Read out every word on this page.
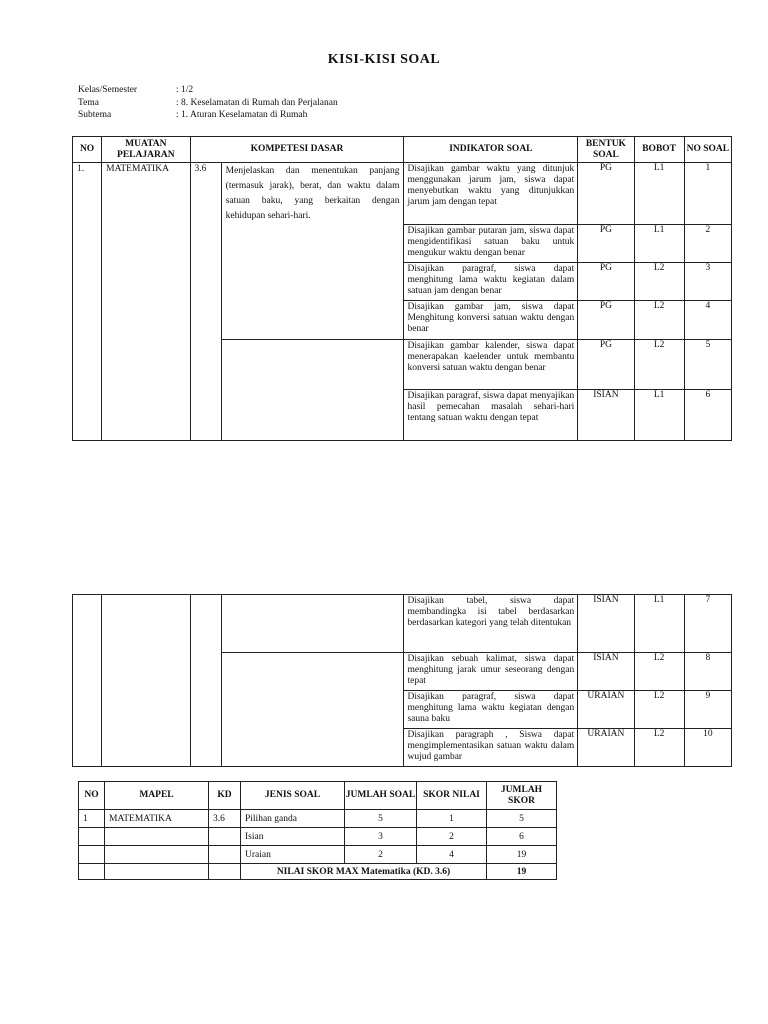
KISI-KISI SOAL
Kelas/Semester	: 1/2
Tema	: 8. Keselamatan di Rumah dan Perjalanan
Subtema	: 1. Aturan Keselamatan di Rumah
NO	MUATAN PELAJARAN	KOMPETESI DASAR		INDIKATOR SOAL	BENTUK SOAL	BOBOT	NO SOAL
1.	MATEMATIKA	3.6	Menjelaskan dan menentukan panjang (termasuk jarak), berat, dan waktu dalam satuan baku, yang berkaitan dengan kehidupan sehari-hari.	Disajikan gambar waktu yang ditunjuk menggunakan jarum jam, siswa dapat menyebutkan waktu yang ditunjukkan jarum jam dengan tepat	PG	L1	1
				Disajikan gambar putaran jam, siswa dapat mengidentifikasi satuan baku untuk mengukur waktu dengan benar	PG	L1	2
				Disajikan paragraf, siswa dapat menghitung lama waktu kegiatan dalam satuan jam dengan benar	PG	L2	3
				Disajikan gambar jam, siswa dapat Menghitung konversi satuan waktu dengan benar	PG	L2	4
				Disajikan gambar kalender, siswa dapat menerapakan kaelender untuk membantu konversi satuan waktu dengan benar	PG	L2	5
				Disajikan paragraf, siswa dapat menyajikan hasil pemecahan masalah sehari-hari tentang satuan waktu dengan tepat	ISIAN	L1	6
				Disajikan tabel, siswa dapat membandingka isi tabel berdasarkan berdasarkan kategori yang telah ditentukan	ISIAN	L1	7
				Disajikan sebuah kalimat, siswa dapat menghitung jarak umur seseorang dengan tepat	ISIAN	L2	8
				Disajikan paragraf, siswa dapat menghitung lama waktu kegiatan dengan sauna baku	URAIAN	L2	9
				Disajikan paragraph , Siswa dapat mengimplementasikan satuan waktu dalam wujud gambar	URAIAN	L2	10
NO	MAPEL	KD	JENIS SOAL	JUMLAH SOAL	SKOR NILAI	JUMLAH SKOR
1	MATEMATIKA	3.6	Pilihan ganda	5	1	5
			Isian	3	2	6
			Uraian	2	4	19
			NILAI SKOR MAX Matematika (KD. 3.6)			19
